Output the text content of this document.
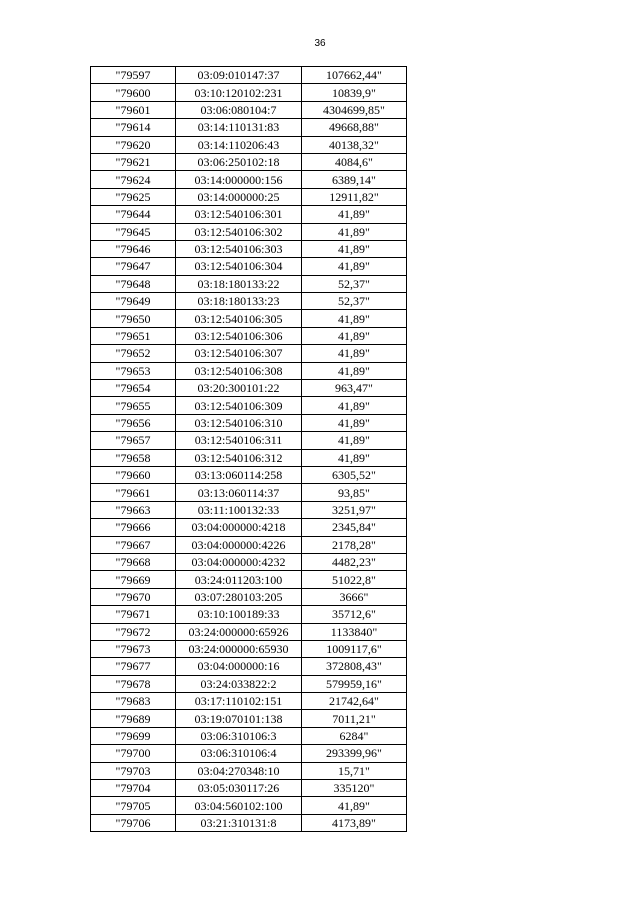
36
"79597	03:09:010147:37	107662,44"
"79600	03:10:120102:231	10839,9"
"79601	03:06:080104:7	4304699,85"
"79614	03:14:110131:83	49668,88"
"79620	03:14:110206:43	40138,32"
"79621	03:06:250102:18	4084,6"
"79624	03:14:000000:156	6389,14"
"79625	03:14:000000:25	12911,82"
"79644	03:12:540106:301	41,89"
"79645	03:12:540106:302	41,89"
"79646	03:12:540106:303	41,89"
"79647	03:12:540106:304	41,89"
"79648	03:18:180133:22	52,37"
"79649	03:18:180133:23	52,37"
"79650	03:12:540106:305	41,89"
"79651	03:12:540106:306	41,89"
"79652	03:12:540106:307	41,89"
"79653	03:12:540106:308	41,89"
"79654	03:20:300101:22	963,47"
"79655	03:12:540106:309	41,89"
"79656	03:12:540106:310	41,89"
"79657	03:12:540106:311	41,89"
"79658	03:12:540106:312	41,89"
"79660	03:13:060114:258	6305,52"
"79661	03:13:060114:37	93,85"
"79663	03:11:100132:33	3251,97"
"79666	03:04:000000:4218	2345,84"
"79667	03:04:000000:4226	2178,28"
"79668	03:04:000000:4232	4482,23"
"79669	03:24:011203:100	51022,8"
"79670	03:07:280103:205	3666"
"79671	03:10:100189:33	35712,6"
"79672	03:24:000000:65926	1133840"
"79673	03:24:000000:65930	1009117,6"
"79677	03:04:000000:16	372808,43"
"79678	03:24:033822:2	579959,16"
"79683	03:17:110102:151	21742,64"
"79689	03:19:070101:138	7011,21"
"79699	03:06:310106:3	6284"
"79700	03:06:310106:4	293399,96"
"79703	03:04:270348:10	15,71"
"79704	03:05:030117:26	335120"
"79705	03:04:560102:100	41,89"
"79706	03:21:310131:8	4173,89"
